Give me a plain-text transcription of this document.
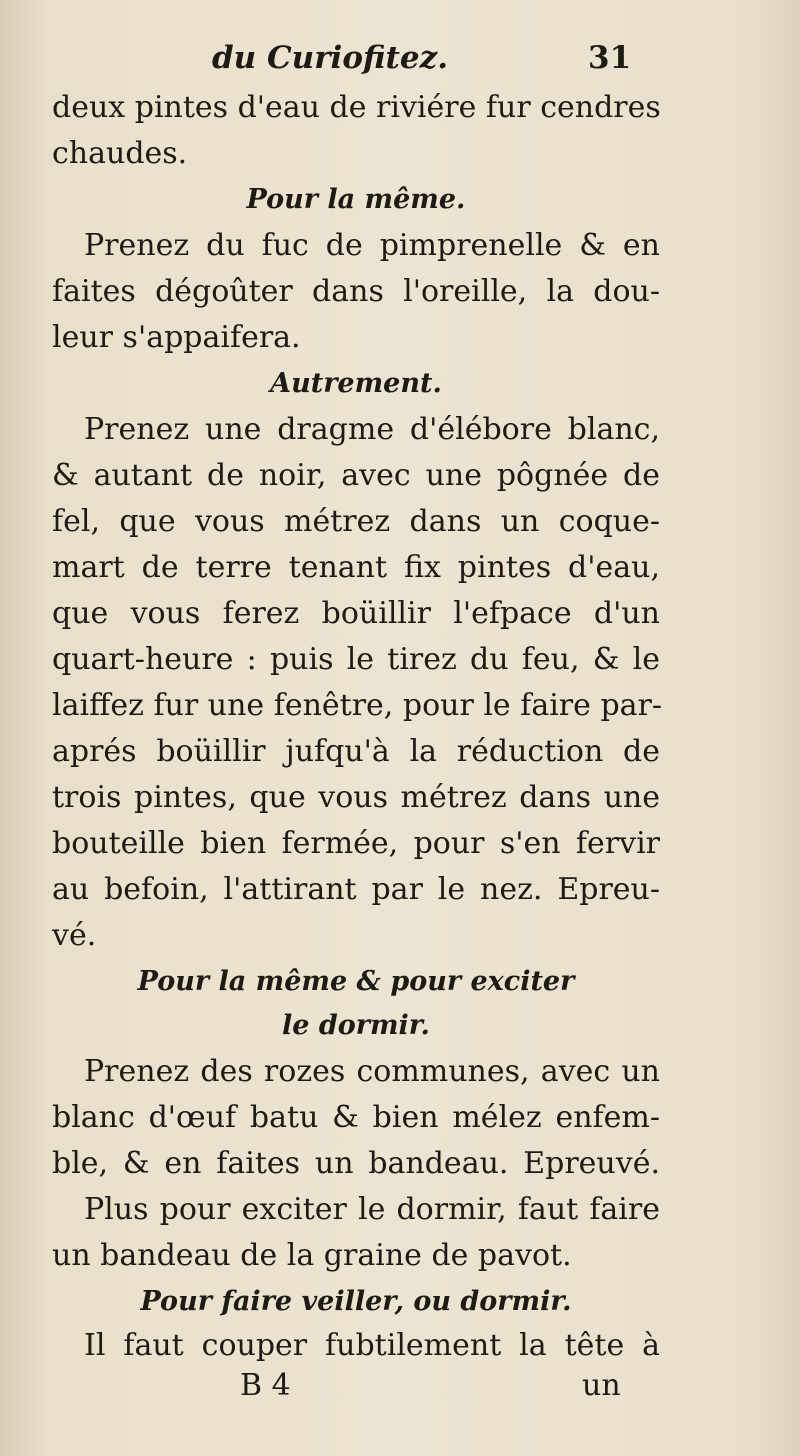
du Curiofitez.	31
deux pintes d'eau de riviére fur cendres
chaudes.
Pour la même.
Prenez du fuc de pimprenelle & en
faites dégoûter dans l'oreille, la dou-
leur s'appaifera.
Autrement.
Prenez une dragme d'élébore blanc,
& autant de noir, avec une pôgnée de
fel, que vous métrez dans un coque-
mart de terre tenant fix pintes d'eau,
que vous ferez boüillir l'efpace d'un
quart-heure : puis le tirez du feu, & le
laiffez fur une fenêtre, pour le faire par-
aprés boüillir jufqu'à la réduction de
trois pintes, que vous métrez dans une
bouteille bien fermée, pour s'en fervir
au befoin, l'attirant par le nez. Epreu-
vé.
Pour la même & pour exciter
le dormir.
Prenez des rozes communes, avec un
blanc d'œuf batu & bien mélez enfem-
ble, & en faites un bandeau. Epreuvé.
Plus pour exciter le dormir, faut faire
un bandeau de la graine de pavot.
Pour faire veiller, ou dormir.
Il faut couper fubtilement la tête à
B 4	un
